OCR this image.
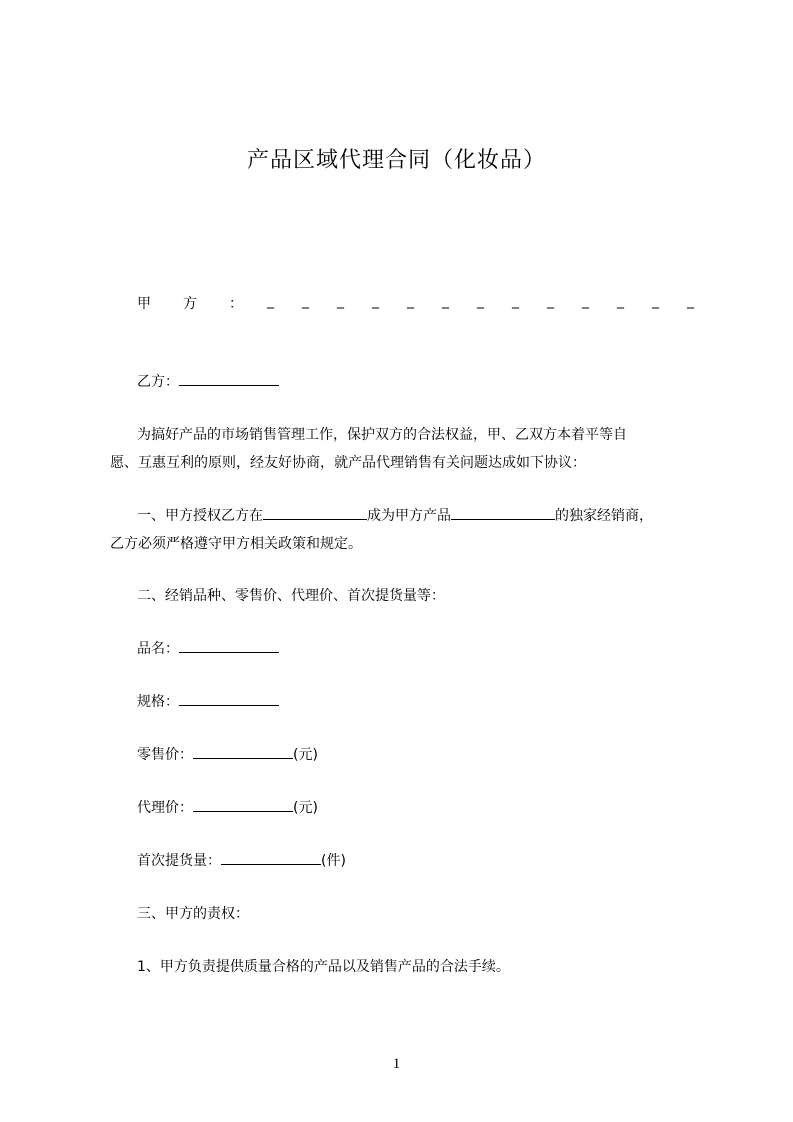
产品区域代理合同（化妆品）
甲 方 ： _ _ _ _ _ _ _ _ _ _ _ _ _
乙方：
为搞好产品的市场销售管理工作，保护双方的合法权益，甲、乙双方本着平等自
愿、互惠互利的原则，经友好协商，就产品代理销售有关问题达成如下协议：
一、甲方授权乙方在	成为甲方产品	的独家经销商，
乙方必须严格遵守甲方相关政策和规定。
二、经销品种、零售价、代理价、首次提货量等：
品名：
规格：
零售价：	(元)
代理价：	(元)
首次提货量：	(件)
三、甲方的责权：
1、甲方负责提供质量合格的产品以及销售产品的合法手续。
1
